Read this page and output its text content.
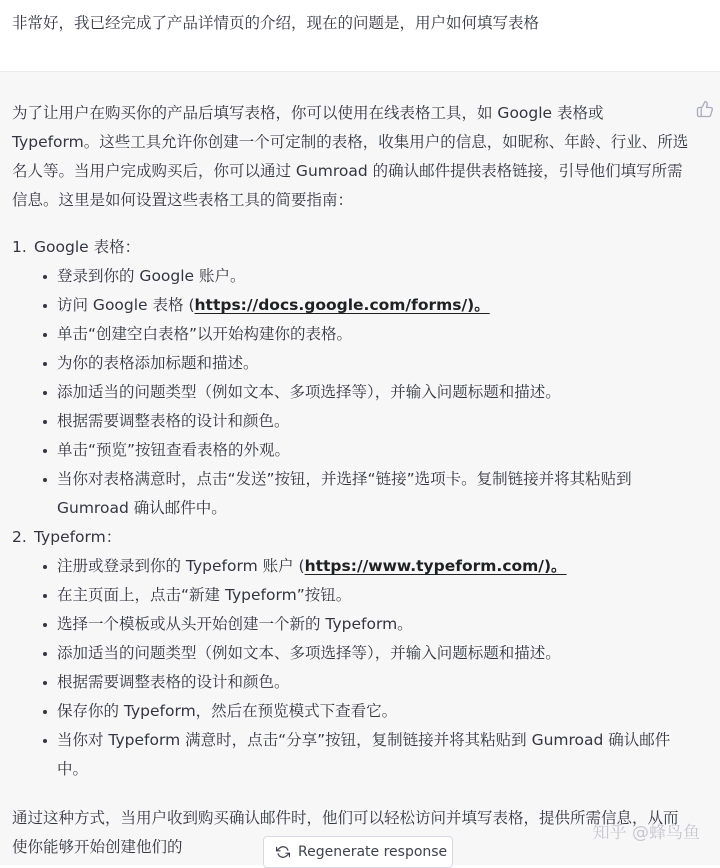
非常好，我已经完成了产品详情页的介绍，现在的问题是，用户如何填写表格

为了让用户在购买你的产品后填写表格，你可以使用在线表格工具，如 Google 表格或 Typeform。这些工具允许你创建一个可定制的表格，收集用户的信息，如昵称、年龄、行业、所选名人等。当用户完成购买后，你可以通过 Gumroad 的确认邮件提供表格链接，引导他们填写所需信息。这里是如何设置这些表格工具的简要指南：

1. Google 表格：
登录到你的 Google 账户。
访问 Google 表格 (https://docs.google.com/forms/)。
单击“创建空白表格”以开始构建你的表格。
为你的表格添加标题和描述。
添加适当的问题类型（例如文本、多项选择等），并输入问题标题和描述。
根据需要调整表格的设计和颜色。
单击“预览”按钮查看表格的外观。
当你对表格满意时，点击“发送”按钮，并选择“链接”选项卡。复制链接并将其粘贴到 Gumroad 确认邮件中。
2. Typeform：
注册或登录到你的 Typeform 账户 (https://www.typeform.com/)。
在主页面上，点击“新建 Typeform”按钮。
选择一个模板或从头开始创建一个新的 Typeform。
添加适当的问题类型（例如文本、多项选择等），并输入问题标题和描述。
根据需要调整表格的设计和颜色。
保存你的 Typeform，然后在预览模式下查看它。
当你对 Typeform 满意时，点击“分享”按钮，复制链接并将其粘贴到 Gumroad 确认邮件中。

通过这种方式，当用户收到购买确认邮件时，他们可以轻松访问并填写表格，提供所需信息，从而使你能够开始创建他们的

知乎 @蜂鸟鱼
Regenerate response
